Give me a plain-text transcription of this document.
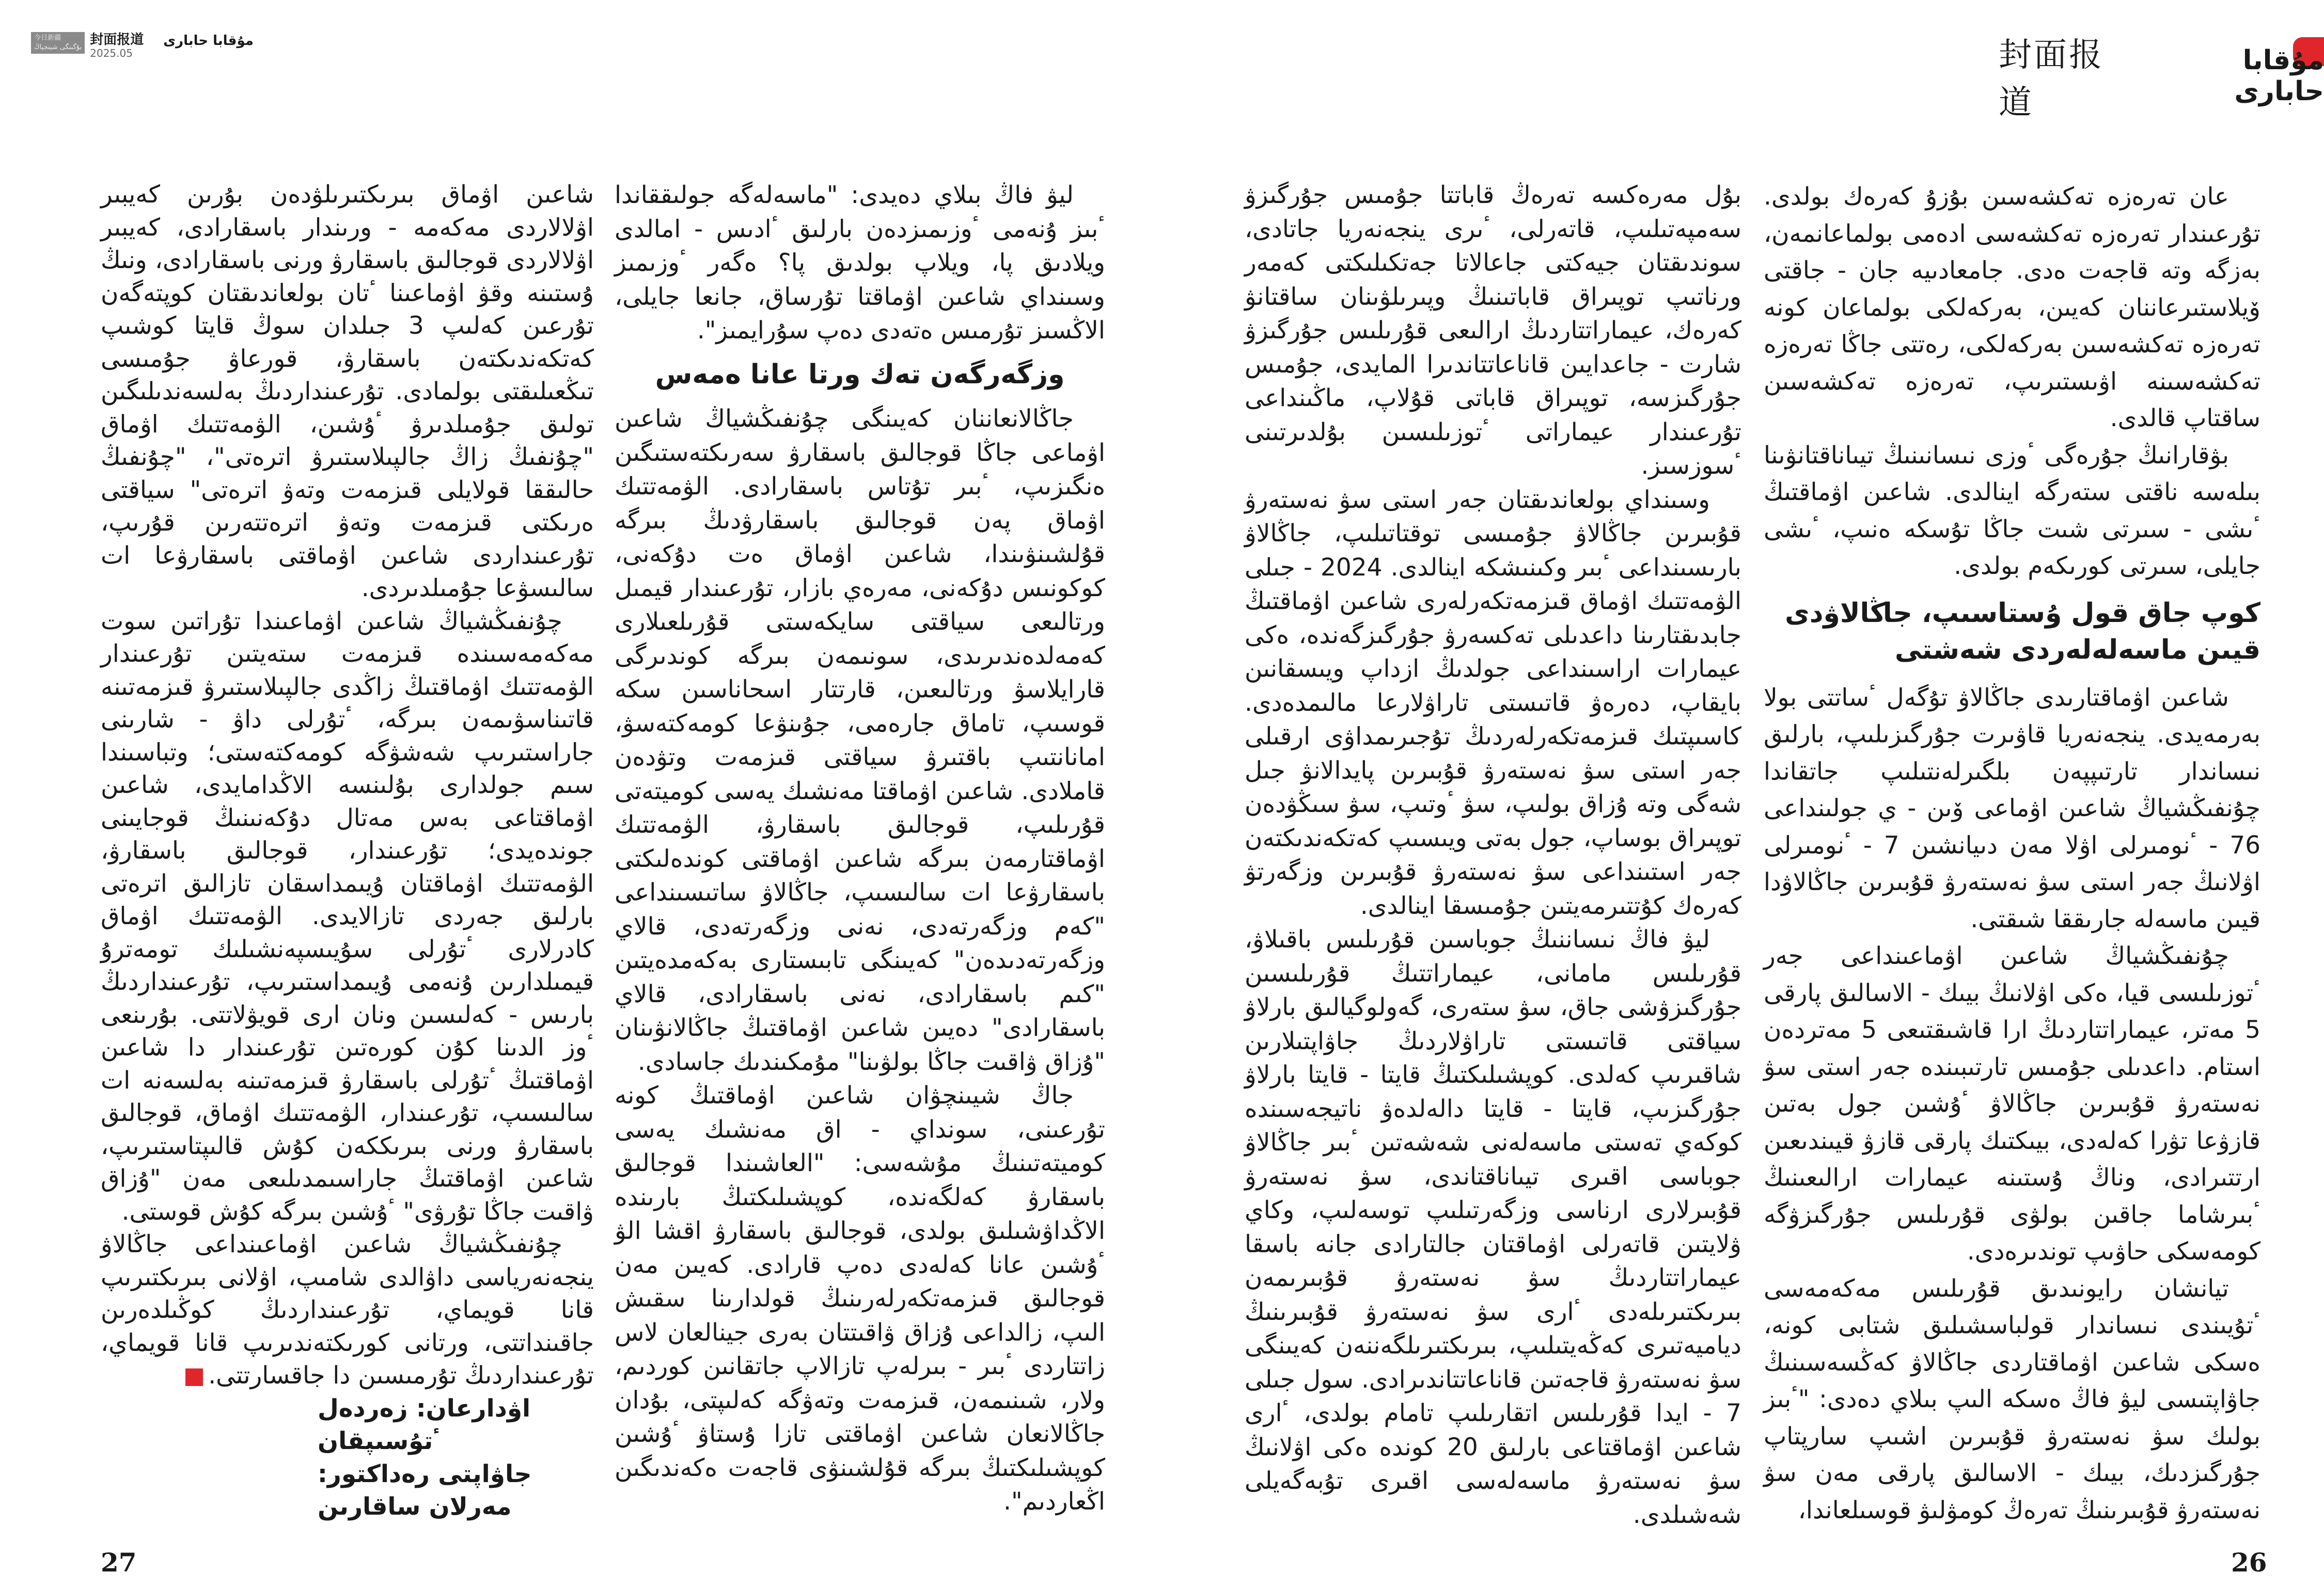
封面报道
مۇقابا حابارى
今日新疆
بۇگىنگى شينجياڭ 封面报道
2025.05
مۇقابا حابارى

عان تەرەزە تەكشەسىن بۇزۇ كەرەك بولدى. تۇرعىندار تەرەزە تەكشەسى ادەمى بولماعانمەن، بەزگە وتە قاجەت ەدى. جامعادىيە جان - جاقتى ۆيلاستىرعاننان كەيىن، بەركەلكى بولماعان كونە تەرەزە تەكشەسىن بەركەلكى، رەتتى جاڭا تەرەزە تەكشەسىنە اۋىستىرىپ، تەرەزە تەكشەسىن ساقتاپ قالدى.

بۋقارانىڭ جۇرەگى ٴوزى نىسانىنىڭ تيىاناقتانۋىنا بىلەسە ناقتى ستەرگە اينالدى. شاعىن اۋماقتىڭ ٴىشى - سىرتى شىت جاڭا تۇسكە ەنىپ، ٴىشى جايلى، سىرتى كورىكەم بولدى.

كوپ جاق قول ۇستاسىپ، جاڭالاۋدى قيىن ماسەلەلەردى شەشتى

شاعىن اۋماقتارىدى جاڭالاۋ تۇگەل ٴساتتى بولا بەرمەيدى. ينجەنەريا قاۋىرت جۇرگىزىلىپ، بارلىق نىساندار تارتىپپەن بلگىرلەنتىلىپ جاتقاندا چۇنفىڭشياڭ شاعىن اۋماعى ۆىن - ي جولىنداعى 76 - ٴنومىرلى اۋلا مەن دىيانشىن 7 - ٴنومىرلى اۋلانىڭ جەر استى سۋ نەستەرۋ قۇبىرىن جاڭالاۋدا قيىن ماسەلە جارىققا شىقتى.

چۇنفىڭشياڭ شاعىن اۋماعىنداعى جەر ٴتوزىلىسى قيا، ەكى اۋلانىڭ بيىك - الاسالىق پارقى 5 مەتر، عيماراتتاردىڭ ارا قاشىقتىعى 5 مەتردەن استام. داعدىلى جۇمىس تارتىبىندە جەر استى سۋ نەستەرۋ قۇبىرىن جاڭالاۋ ٴۇشىن جول بەتىن قازۋعا تۋرا كەلەدى، بيىكتىك پارقى قازۋ قيىندىعىن ارتتىرادى، وناڭ ۇستىنە عيمارات ارالىعىنىڭ ٴبىرشاما جاقىن بولۋى قۇرىلىس جۇرگىزۋگە كومەسكى حاۋىپ توندىرەدى.

تيانشان رايونىدىق قۇرىلىس مەكەمەسى ٴتۇيىندى نىساندار قولباسشىلىق شتابى كونە، ەسكى شاعىن اۋماقتاردى جاڭالاۋ كەڭسەسىنىڭ جاۋاپتىسى ليۋ فاڭ ەسكە الىپ بىلاي دەدى: "ٴبىز بولىك سۋ نەستەرۋ قۇبىرىن اشىپ سارپتاپ جۇرگىزدىك، بيىك - الاسالىق پارقى مەن سۋ نەستەرۋ قۇبىرىنىڭ تەرەڭ كومۋلىۋ قوسىلعاندا،

بۇل مەرەكسە تەرەڭ قاباتتا جۇمىس جۇرگىزۋ سەمپەتىلىپ، قاتەرلى، ٴىرى ينجەنەريا جاتادى، سوندىقتان جيەكتى جاعالاتا جەتكىلىكتى كەمەر ورناتىپ توپىراق قاباتىنىڭ وپىرىلۋىنان ساقتانۋ كەرەك، عيماراتتاردىڭ ارالىعى قۇرىلىس جۇرگىزۋ شارت - جاعدايىن قاناعاتتاندىرا المايدى، جۇمىس جۇرگىزسە، توپىراق قاباتى قۇلاپ، ماڭىنداعى تۇرعىندار عيماراتى ٴتوزىلىسىن بۇلدىرتىنى ٴسوزسىز.

وسىنداي بولعاندىقتان جەر استى سۋ نەستەرۋ قۇبىرىن جاڭالاۋ جۇمىسى توقتاتىلىپ، جاڭالاۋ بارىسىنداعى ٴبىر وكىنىشكە اينالدى. 2024 - جىلى الۋمەتتىك اۋماق قىزمەتكەرلەرى شاعىن اۋماقتىڭ جابدىقتارىنا داعدىلى تەكسەرۋ جۇرگىزگەندە، ەكى عيمارات اراسىنداعى جولدىڭ ازداپ ويىسقانىن بايقاپ، دەرەۋ قاتىستى تاراۋلارعا مالىمدەدى. كاسىپتىك قىزمەتكەرلەردىڭ تۇجىرىمداۋى ارقىلى جەر استى سۋ نەستەرۋ قۇبىرىن پايدالانۋ جىل شەگى وتە ۇزاق بولىپ، سۋ ٴوتىپ، سۋ سىڭۋدەن توپىراق بوساپ، جول بەتى ويىسىپ كەتكەندىكتەن جەر استىنداعى سۋ نەستەرۋ قۇبىرىن وزگەرتۋ كەرەك كۇتتىرمەيتىن جۇمىسقا اينالدى.

ليۋ فاڭ نىساننىڭ جوباسىن قۇرىلىس باقىلاۋ، قۇرىلىس مامانى، عيماراتتىڭ قۇرىلىسىن جۇرگىزۋشى جاق، سۋ ستەرى، گەولوگيالىق بارلاۋ سياقتى قاتىستى تاراۋلاردىڭ جاۋاپتىلارىن شاقىرىپ كەلدى. كوپشىلىكتىڭ قايتا - قايتا بارلاۋ جۇرگىزىپ، قايتا - قايتا دالەلدەۋ ناتيجەسىندە كوكەي تەستى ماسەلەنى شەشەتىن ٴبىر جاڭالاۋ جوباسى اقىرى تيىاناقتاندى، سۋ نەستەرۋ قۇبىرلارى ارناسى وزگەرتىلىپ توسەلىپ، وكاي ۋلايتىن قاتەرلى اۋماقتان جالتارادى جانە باسقا عيماراتتاردىڭ سۋ نەستەرۋ قۇبىرىمەن بىرىكتىرىلەدى ٴارى سۋ نەستەرۋ قۇبىرىنىڭ دياميەتىرى كەڭەيتىلىپ، بىرىكتىرىلگەننەن كەيىنگى سۋ نەستەرۋ قاجەتىن قاناعاتتاندىرادى. سول جىلى 7 - ايدا قۇرىلىس اتقارىلىپ تامام بولدى، ٴارى شاعىن اۋماقتاعى بارلىق 20 كوندە ەكى اۋلانىڭ سۋ نەستەرۋ ماسەلەسى اقىرى تۇبەگەيلى شەشىلدى.

ليۋ فاڭ بىلاي دەيدى: "ماسەلەگە جولىققاندا ٴبىز ۇنەمى ٴوزىمىزدەن بارلىق ٴادىس - امالدى ويلادىق پا، ويلاپ بولدىق پا؟ ەگەر ٴوزىمىز وسىنداي شاعىن اۋماقتا تۇرساق، جانعا جايلى، الاڭسىز تۇرمىس ەتەدى دەپ سۇرايمىز".

وزگەرگەن تەك ورتا عانا ەمەس

جاڭالانعاننان كەيىنگى چۇنفىڭشياڭ شاعىن اۋماعى جاڭا قوجالىق باسقارۋ سەرىكتەستىگىن ەنگىزىپ، ٴبىر تۇتاس باسقارادى. الۋمەتتىك اۋماق پەن قوجالىق باسقارۋدىڭ بىرگە قۇلشىنۋىندا، شاعىن اۋماق ەت دۇكەنى، كوكونىس دۇكەنى، مەرەي بازار، تۇرعىندار قيمىل ورتالىعى سياقتى سايكەستى قۇرىلعىلارى كەمەلدەندىرىدى، سونىمەن بىرگە كوندىرگى قارايلاسۋ ورتالىعىن، قارتتار اسحاناسىن سكە قوسىپ، تاماق جارەمى، جۇىنۋعا كومەكتەسۋ، امانانتىپ باقتىرۋ سياقتى قىزمەت وتۋدەن قاملادى. شاعىن اۋماقتا مەنشىك يەسى كوميتەتى قۇرىلىپ، قوجالىق باسقارۋ، الۋمەتتىك اۋماقتارمەن بىرگە شاعىن اۋماقتى كوندەلىكتى باسقارۋعا ات سالىسىپ، جاڭالاۋ ساتىسىنداعى "كەم وزگەرتەدى، نەنى وزگەرتەدى، قالاي وزگەرتەدىدەن" كەيىنگى تابىستارى بەكەمدەيتىن "كىم باسقارادى، نەنى باسقارادى، قالاي باسقارادى" دەيىن شاعىن اۋماقتىڭ جاڭالانۋىنان "ۇزاق ۋاقىت جاڭا بولۋىنا" مۇمكىندىك جاسادى.

جاڭ شيىنچۋان شاعىن اۋماقتىڭ كونە تۇرعىنى، سونداي - اق مەنشىك يەسى كوميتەتىنىڭ مۇشەسى: "العاشىندا قوجالىق باسقارۋ كەلگەندە، كوپشىلىكتىڭ بارىندە الاڭداۋشىلىق بولدى، قوجالىق باسقارۋ اقشا الۋ ٴۇشىن عانا كەلەدى دەپ قارادى. كەيىن مەن قوجالىق قىزمەتكەرلەرىنىڭ قولدارىنا سقىش الىپ، زالداعى ۇزاق ۋاقىتتان بەرى جينالعان لاس زاتتاردى ٴبىر - بىرلەپ تازالاپ جاتقانىن كوردىم، ولار، شىنىمەن، قىزمەت وتەۋگە كەلىپتى، بۇدان جاڭالانعان شاعىن اۋماقتى تازا ۇستاۋ ٴۇشىن كوپشىلىكتىڭ بىرگە قۇلشىنۋى قاجەت ەكەندىگىن اڭعاردىم".

شاعىن اۋماق بىرىكتىرىلۋدەن بۇرىن كەيبىر اۋلالاردى مەكەمە - ورىندار باسقارادى، كەيبىر اۋلالاردى قوجالىق باسقارۋ ورنى باسقارادى، ونىڭ ۇستىنە وقۋ اۋماعىنا ٴتان بولعاندىقتان كوپتەگەن تۇرعىن كەلىپ 3 جىلدان سوڭ قايتا كوشىپ كەتكەندىكتەن باسقارۋ، قورعاۋ جۇمىسى تىڭعىلىقتى بولمادى. تۇرعىنداردىڭ بەلسەندىلىگىن تولىق جۇمىلدىرۋ ٴۇشىن، الۋمەتتىك اۋماق "چۇنفىڭ زاڭ جالپىلاستىرۋ اترەتى"، "چۇنفىڭ حالىققا قولايلى قىزمەت وتەۋ اترەتى" سياقتى ەرىكتى قىزمەت وتەۋ اترەتتەرىن قۇرىپ، تۇرعىنداردى شاعىن اۋماقتى باسقارۋعا ات سالىسۋعا جۇمىلدىردى.

چۇنفىڭشياڭ شاعىن اۋماعىندا تۇراتىن سوت مەكەمەسىندە قىزمەت ستەيتىن تۇرعىندار الۋمەتتىك اۋماقتىڭ زاڭدى جالپىلاستىرۋ قىزمەتىنە قاتىناسۋىمەن بىرگە، ٴتۇرلى داۋ - شارىنى جاراستىرىپ شەشۋگە كومەكتەستى؛ وتباسىندا سىم جولدارى بۇلىنسە الاڭدامايدى، شاعىن اۋماقتاعى بەس مەتال دۇكەنىنىڭ قوجايىنى جوندەيدى؛ تۇرعىندار، قوجالىق باسقارۋ، الۋمەتتىك اۋماقتان ۇيىمداسقان تازالىق اترەتى بارلىق جەردى تازالايدى. الۋمەتتىك اۋماق كادرلارى ٴتۇرلى سۇيىسپەنشىلىك تومەترۇ قيمىلدارىن ۇنەمى ۇيىمداستىرىپ، تۇرعىنداردىڭ بارىس - كەلىسىن ونان ارى قويۋلاتتى. بۇرىنعى ٴوز الدىنا كۇن كورەتىن تۇرعىندار دا شاعىن اۋماقتىڭ ٴتۇرلى باسقارۋ قىزمەتىنە بەلسەنە ات سالىسىپ، تۇرعىندار، الۋمەتتىك اۋماق، قوجالىق باسقارۋ ورنى بىرىككەن كۇش قالىپتاستىرىپ، شاعىن اۋماقتىڭ جاراسىمدىلىعى مەن "ۇزاق ۋاقىت جاڭا تۇرۋى" ٴۇشىن بىرگە كۇش قوستى.

چۇنفىڭشياڭ شاعىن اۋماعىنداعى جاڭالاۋ ينجەنەرياسى داۋالدى شامىپ، اۋلانى بىرىكتىرىپ قانا قويماي، تۇرعىنداردىڭ كوڭىلدەرىن جاقىنداتتى، ورتانى كورىكتەندىرىپ قانا قويماي، تۇرعىنداردىڭ تۇرمىسىن دا جاقسارتتى.

اۋدارعان: زەردەل ٴتۇسىپقان

جاۋاپتى رەداكتور: مەرلان ساقارىن

27	26
